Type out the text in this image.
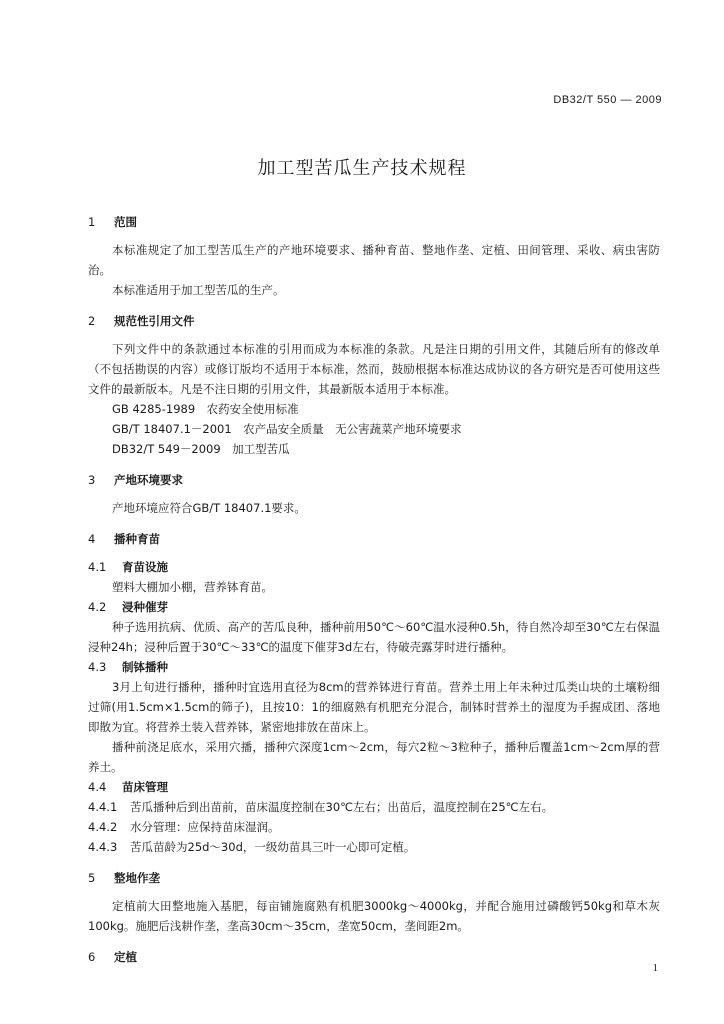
DB32/T 550 — 2009
加工型苦瓜生产技术规程

1 范围

本标准规定了加工型苦瓜生产的产地环境要求、播种育苗、整地作垄、定植、田间管理、采收、病虫害防治。

本标准适用于加工型苦瓜的生产。

2 规范性引用文件

下列文件中的条款通过本标准的引用而成为本标准的条款。凡是注日期的引用文件，其随后所有的修改单（不包括勘误的内容）或修订版均不适用于本标准，然而，鼓励根据本标准达成协议的各方研究是否可使用这些文件的最新版本。凡是不注日期的引用文件，其最新版本适用于本标准。

GB 4285-1989　农药安全使用标准

GB/T 18407.1－2001　农产品安全质量　无公害蔬菜产地环境要求

DB32/T 549－2009　加工型苦瓜

3 产地环境要求

产地环境应符合GB/T 18407.1要求。

4 播种育苗

4.1 育苗设施

塑料大棚加小棚，营养钵育苗。

4.2 浸种催芽

种子选用抗病、优质、高产的苦瓜良种，播种前用50℃～60℃温水浸种0.5h，待自然冷却至30℃左右保温浸种24h；浸种后置于30℃～33℃的温度下催芽3d左右，待破壳露芽时进行播种。

4.3 制钵播种

3月上旬进行播种，播种时宜选用直径为8cm的营养钵进行育苗。营养土用上年未种过瓜类山块的土壤粉细过筛(用1.5cm×1.5cm的筛子)，且按10：1的细腐熟有机肥充分混合，制钵时营养土的湿度为手握成团、落地即散为宜。将营养土装入营养钵，紧密地排放在苗床上。

播种前浇足底水，采用穴播，播种穴深度1cm～2cm，每穴2粒～3粒种子，播种后覆盖1cm～2cm厚的营养土。

4.4 苗床管理

4.4.1 苦瓜播种后到出苗前，苗床温度控制在30℃左右；出苗后，温度控制在25℃左右。

4.4.2 水分管理：应保持苗床湿润。

4.4.3 苦瓜苗龄为25d～30d，一级幼苗具三叶一心即可定植。

5 整地作垄

定植前大田整地施入基肥，每亩铺施腐熟有机肥3000kg～4000kg，并配合施用过磷酸钙50kg和草木灰100kg。施肥后浅耕作垄，垄高30cm～35cm，垄宽50cm，垄间距2m。

6 定植

1
